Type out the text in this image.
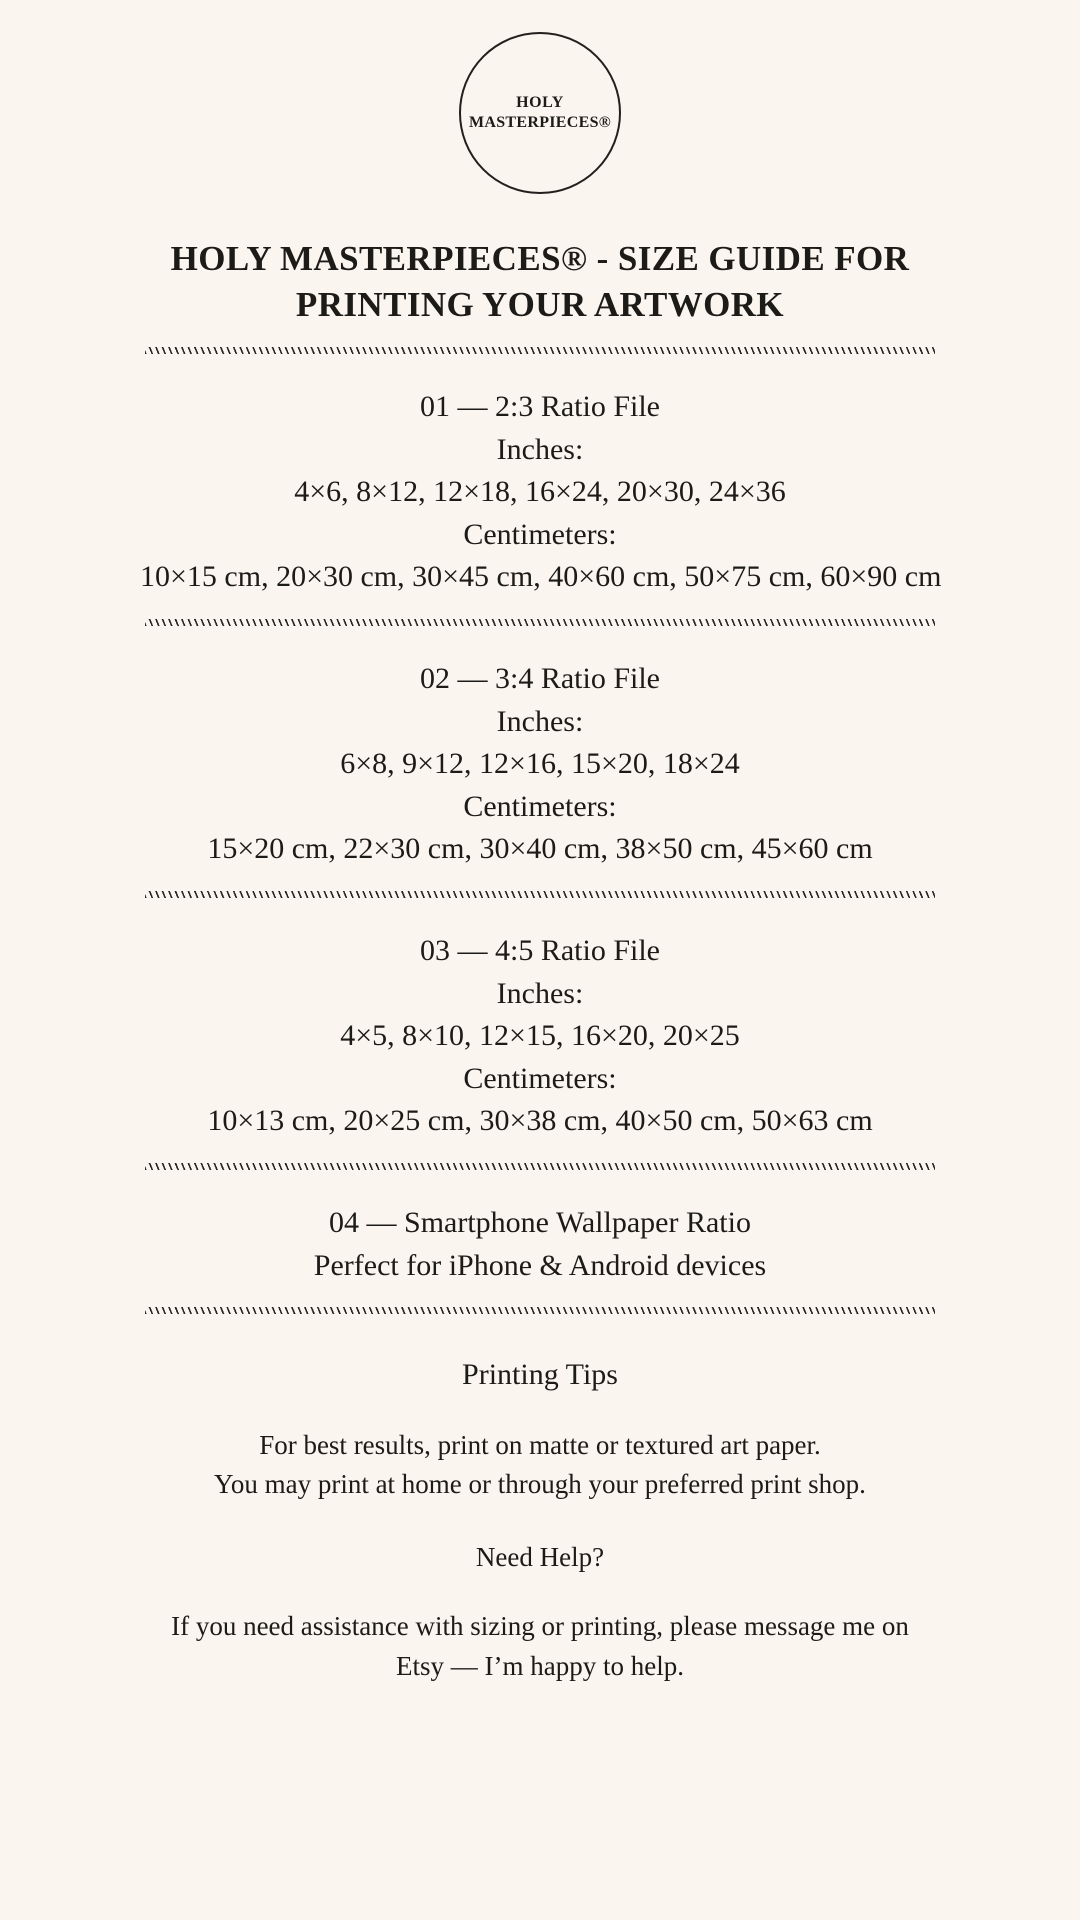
HOLY
MASTERPIECES®
HOLY MASTERPIECES® - SIZE GUIDE FOR PRINTING YOUR ARTWORK
01 — 2:3 Ratio File
Inches:
4×6, 8×12, 12×18, 16×24, 20×30, 24×36
Centimeters:
10×15 cm, 20×30 cm, 30×45 cm, 40×60 cm, 50×75 cm, 60×90 cm
02 — 3:4 Ratio File
Inches:
6×8, 9×12, 12×16, 15×20, 18×24
Centimeters:
15×20 cm, 22×30 cm, 30×40 cm, 38×50 cm, 45×60 cm
03 — 4:5 Ratio File
Inches:
4×5, 8×10, 12×15, 16×20, 20×25
Centimeters:
10×13 cm, 20×25 cm, 30×38 cm, 40×50 cm, 50×63 cm
04 — Smartphone Wallpaper Ratio
Perfect for iPhone & Android devices
Printing Tips
For best results, print on matte or textured art paper.
You may print at home or through your preferred print shop.
Need Help?
If you need assistance with sizing or printing, please message me on Etsy — I’m happy to help.
